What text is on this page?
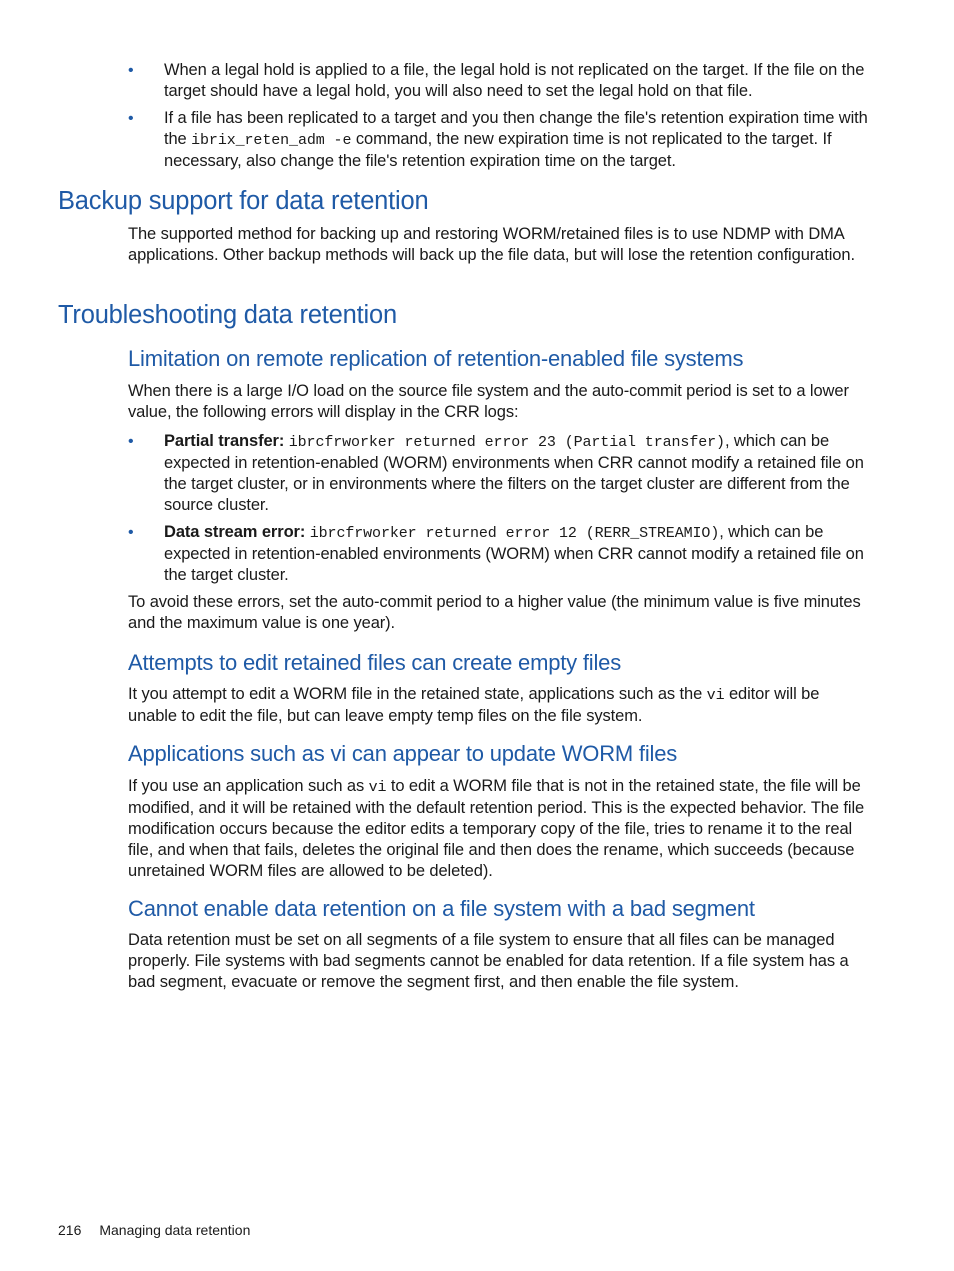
• When a legal hold is applied to a file, the legal hold is not replicated on the target. If the file on the target should have a legal hold, you will also need to set the legal hold on that file.
• If a file has been replicated to a target and you then change the file's retention expiration time with the ibrix_reten_adm -e command, the new expiration time is not replicated to the target. If necessary, also change the file's retention expiration time on the target.
Backup support for data retention

The supported method for backing up and restoring WORM/retained files is to use NDMP with DMA applications. Other backup methods will back up the file data, but will lose the retention configuration.

Troubleshooting data retention
Limitation on remote replication of retention-enabled file systems

When there is a large I/O load on the source file system and the auto-commit period is set to a lower value, the following errors will display in the CRR logs:

• Partial transfer: ibrcfrworker returned error 23 (Partial transfer), which can be expected in retention-enabled (WORM) environments when CRR cannot modify a retained file on the target cluster, or in environments where the filters on the target cluster are different from the source cluster.
• Data stream error: ibrcfrworker returned error 12 (RERR_STREAMIO), which can be expected in retention-enabled environments (WORM) when CRR cannot modify a retained file on the target cluster.

To avoid these errors, set the auto-commit period to a higher value (the minimum value is five minutes and the maximum value is one year).

Attempts to edit retained files can create empty files

It you attempt to edit a WORM file in the retained state, applications such as the vi editor will be unable to edit the file, but can leave empty temp files on the file system.

Applications such as vi can appear to update WORM files

If you use an application such as vi to edit a WORM file that is not in the retained state, the file will be modified, and it will be retained with the default retention period. This is the expected behavior. The file modification occurs because the editor edits a temporary copy of the file, tries to rename it to the real file, and when that fails, deletes the original file and then does the rename, which succeeds (because unretained WORM files are allowed to be deleted).

Cannot enable data retention on a file system with a bad segment

Data retention must be set on all segments of a file system to ensure that all files can be managed properly. File systems with bad segments cannot be enabled for data retention. If a file system has a bad segment, evacuate or remove the segment first, and then enable the file system.

216 Managing data retention
